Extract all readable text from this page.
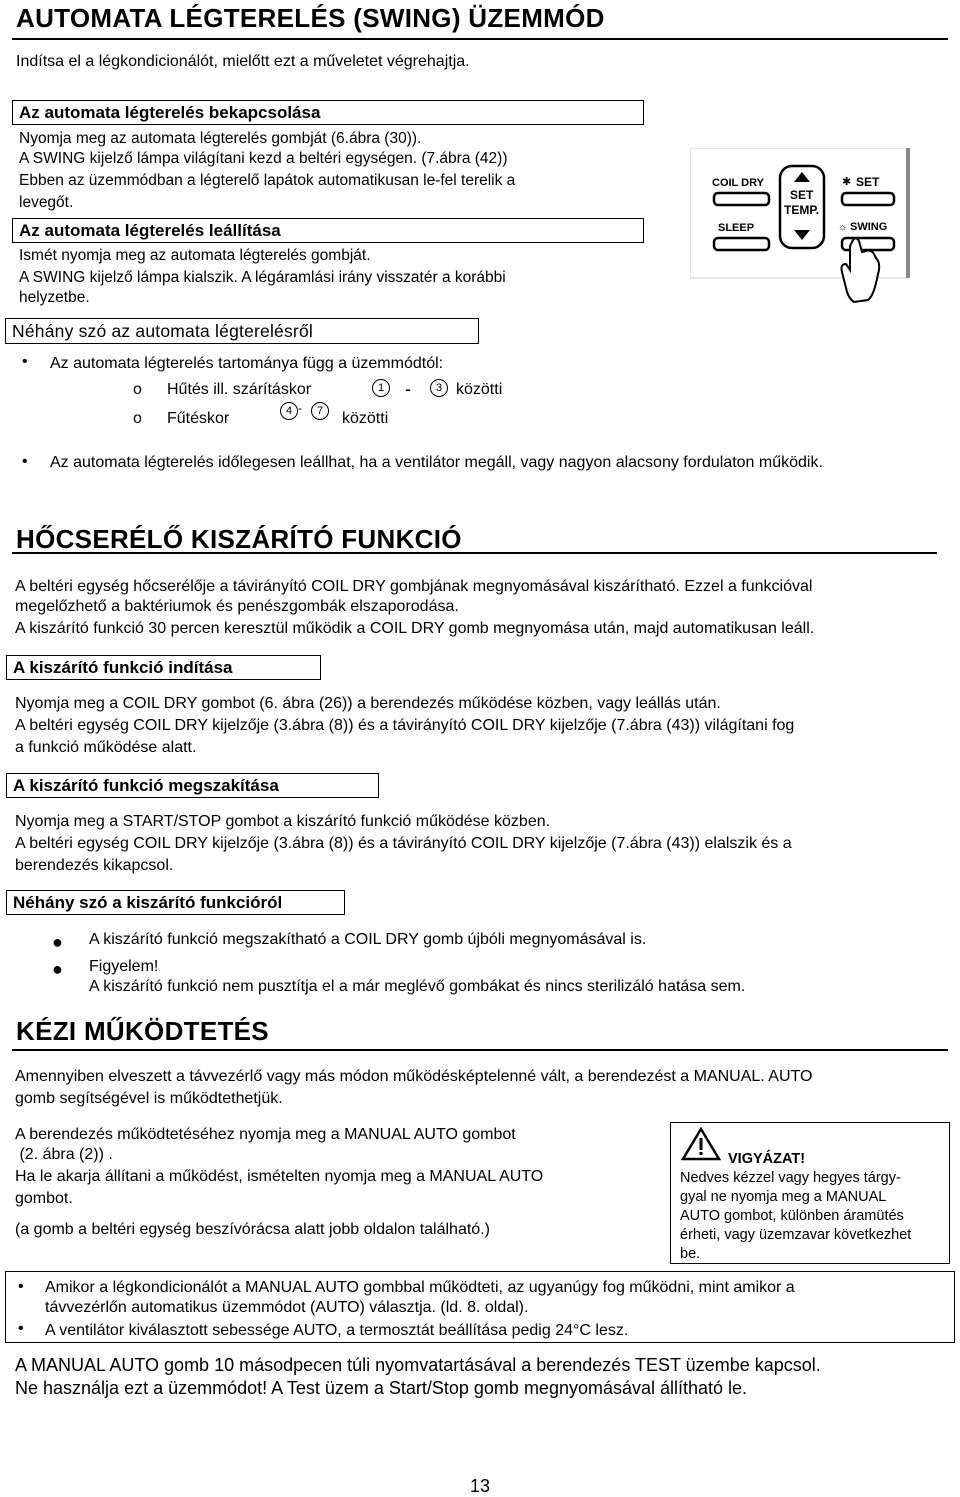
AUTOMATA LÉGTERELÉS (SWING) ÜZEMMÓD
Indítsa el a légkondicionálót, mielőtt ezt a műveletet végrehajtja.
Az automata légterelés bekapcsolása
Nyomja meg az automata légterelés gombját (6.ábra (30)).
A SWING kijelző lámpa világítani kezd a beltéri egységen. (7.ábra (42))
Ebben az üzemmódban a légterelő lapátok automatikusan le-fel terelik a
levegőt.
Az automata légterelés leállítása
Ismét nyomja meg az automata légterelés gombját.
A SWING kijelző lámpa kialszik. A légáramlási irány visszatér a korábbi
helyzetbe.
COIL DRY
SLEEP
SET
TEMP.
✱ SET
☼ SWING
Néhány szó az automata légterelésről
• Az automata légterelés tartománya függ a üzemmódtól:
o Hűtés ill. szárításkor	1	-	3 közötti
o Fűtéskor	4 -	7	közötti
• Az automata légterelés időlegesen leállhat, ha a ventilátor megáll, vagy nagyon alacsony fordulaton működik.
HŐCSERÉLŐ KISZÁRÍTÓ FUNKCIÓ
A beltéri egység hőcserélője a távirányító COIL DRY gombjának megnyomásával kiszárítható. Ezzel a funkcióval
megelőzhető a baktériumok és penészgombák elszaporodása.
A kiszárító funkció 30 percen keresztül működik a COIL DRY gomb megnyomása után, majd automatikusan leáll.
A kiszárító funkció indítása
Nyomja meg a COIL DRY gombot (6. ábra (26)) a berendezés működése közben, vagy leállás után.
A beltéri egység COIL DRY kijelzője (3.ábra (8)) és a távirányító COIL DRY kijelzője (7.ábra (43)) világítani fog
a funkció működése alatt.
A kiszárító funkció megszakítása
Nyomja meg a START/STOP gombot a kiszárító funkció működése közben.
A beltéri egység COIL DRY kijelzője (3.ábra (8)) és a távirányító COIL DRY kijelzője (7.ábra (43)) elalszik és a
berendezés kikapcsol.
Néhány szó a kiszárító funkcióról
● A kiszárító funkció megszakítható a COIL DRY gomb újbóli megnyomásával is.
● Figyelem!
A kiszárító funkció nem pusztítja el a már meglévő gombákat és nincs sterilizáló hatása sem.
KÉZI MŰKÖDTETÉS
Amennyiben elveszett a távvezérlő vagy más módon működésképtelenné vált, a berendezést a MANUAL. AUTO
gomb segítségével is működtethetjük.
A berendezés működtetéséhez nyomja meg a MANUAL AUTO gombot
(2. ábra (2)) .
Ha le akarja állítani a működést, ismételten nyomja meg a MANUAL AUTO
gombot.
(a gomb a beltéri egység beszívórácsa alatt jobb oldalon található.)
VIGYÁZAT!
Nedves kézzel vagy hegyes tárgy-
gyal ne nyomja meg a MANUAL
AUTO gombot, különben áramütés
érheti, vagy üzemzavar következhet
be.
• Amikor a légkondicionálót a MANUAL AUTO gombbal működteti, az ugyanúgy fog működni, mint amikor a
távvezérlőn automatikus üzemmódot (AUTO) választja. (ld. 8. oldal).
• A ventilátor kiválasztott sebessége AUTO, a termosztát beállítása pedig 24°C lesz.
A MANUAL AUTO gomb 10 másodpecen túli nyomvatartásával a berendezés TEST üzembe kapcsol.
Ne használja ezt a üzemmódot! A Test üzem a Start/Stop gomb megnyomásával állítható le.
13
